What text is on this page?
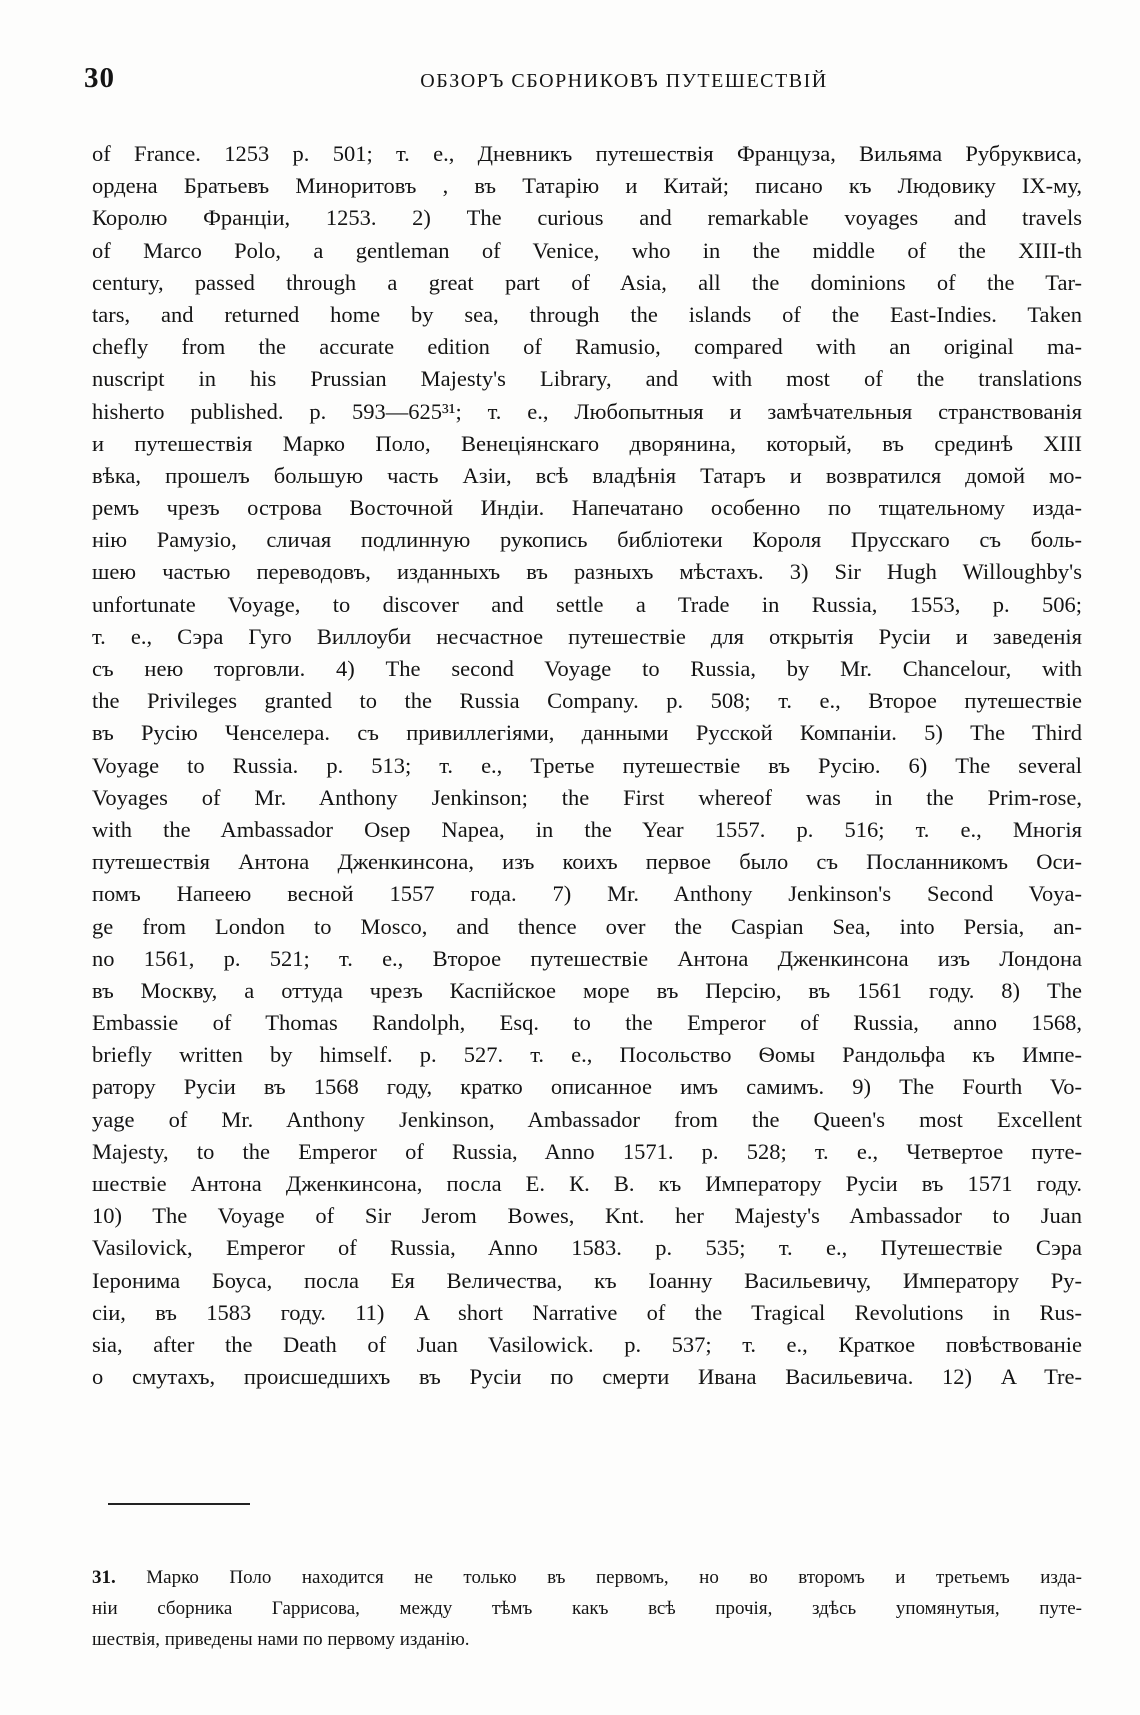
30	ОБЗОРЪ СБОРНИКОВЪ ПУТЕШЕСТВІЙ
of France. 1253 p. 501; т. е., Дневникъ путешествія Француза, Вильяма Рубруквиса,
ордена Братьевъ Миноритовъ , въ Татарію и Китай; писано къ Людовику IX-му,
Королю Франціи, 1253. 2) The curious and remarkable voyages and travels
of Marco Polo, a gentleman of Venice, who in the middle of the XIII-th
century, passed through a great part of Asia, all the dominions of the Tar-
tars, and returned home by sea, through the islands of the East-Indies. Taken
chefly from the accurate edition of Ramusio, compared with an original ma-
nuscript in his Prussian Majesty's Library, and with most of the translations
hisherto published. p. 593—625³¹; т. е., Любопытныя и замѣчательныя странствованія
и путешествія Марко Поло, Венеціянскаго дворянина, который, въ срединѣ XIII
вѣка, прошелъ большую часть Азіи, всѣ владѣнія Татаръ и возвратился домой мо-
ремъ чрезъ острова Восточной Индіи. Напечатано особенно по тщательному изда-
нію Рамузіо, сличая подлинную рукопись библіотеки Короля Прусскаго съ боль-
шею частью переводовъ, изданныхъ въ разныхъ мѣстахъ. 3) Sir Hugh Willoughby's
unfortunate Voyage, to discover and settle a Trade in Russia, 1553, p. 506;
т. е., Сэра Гуго Виллоуби несчастное путешествіе для открытія Русіи и заведенія
съ нею торговли. 4) The second Voyage to Russia, by Mr. Chancelour, with
the Privileges granted to the Russia Company. p. 508; т. е., Второе путешествіе
въ Русію Ченселера. съ привиллегіями, данными Русской Компаніи. 5) The Third
Voyage to Russia. p. 513; т. е., Третье путешествіе въ Русію. 6) The several
Voyages of Mr. Anthony Jenkinson; the First whereof was in the Prim-rose,
with the Ambassador Osep Napea, in the Year 1557. p. 516; т. е., Многія
путешествія Антона Дженкинсона, изъ коихъ первое было съ Посланникомъ Оси-
помъ Напеею весной 1557 года. 7) Mr. Anthony Jenkinson's Second Voya-
ge from London to Mosco, and thence over the Caspian Sea, into Persia, an-
no 1561, p. 521; т. е., Второе путешествіе Антона Дженкинсона изъ Лондона
въ Москву, а оттуда чрезъ Каспійское море въ Персію, въ 1561 году. 8) The
Embassie of Thomas Randolph, Esq. to the Emperor of Russia, anno 1568,
briefly written by himself. p. 527. т. е., Посольство Ѳомы Рандольфа къ Импе-
ратору Русіи въ 1568 году, кратко описанное имъ самимъ. 9) The Fourth Vo-
yage of Mr. Anthony Jenkinson, Ambassador from the Queen's most Excellent
Majesty, to the Emperor of Russia, Anno 1571. p. 528; т. е., Четвертое путе-
шествіе Антона Дженкинсона, посла Е. К. В. къ Императору Русіи въ 1571 году.
10) The Voyage of Sir Jerom Bowes, Knt. her Majesty's Ambassador to Juan
Vasilovick, Emperor of Russia, Anno 1583. p. 535; т. е., Путешествіе Сэра
Іеронима Боуса, посла Ея Величества, къ Іоанну Васильевичу, Императору Ру-
сіи, въ 1583 году. 11) A short Narrative of the Tragical Revolutions in Rus-
sia, after the Death of Juan Vasilowick. p. 537; т. е., Краткое повѣствованіе
о смутахъ, происшедшихъ въ Русіи по смерти Ивана Васильевича. 12) A Tre-
31. Марко Поло находится не только въ первомъ, но во второмъ и третьемъ изда-
ніи сборника Гаррисова, между тѣмъ какъ всѣ прочія, здѣсь упомянутыя, путе-
шествія, приведены нами по первому изданію.
